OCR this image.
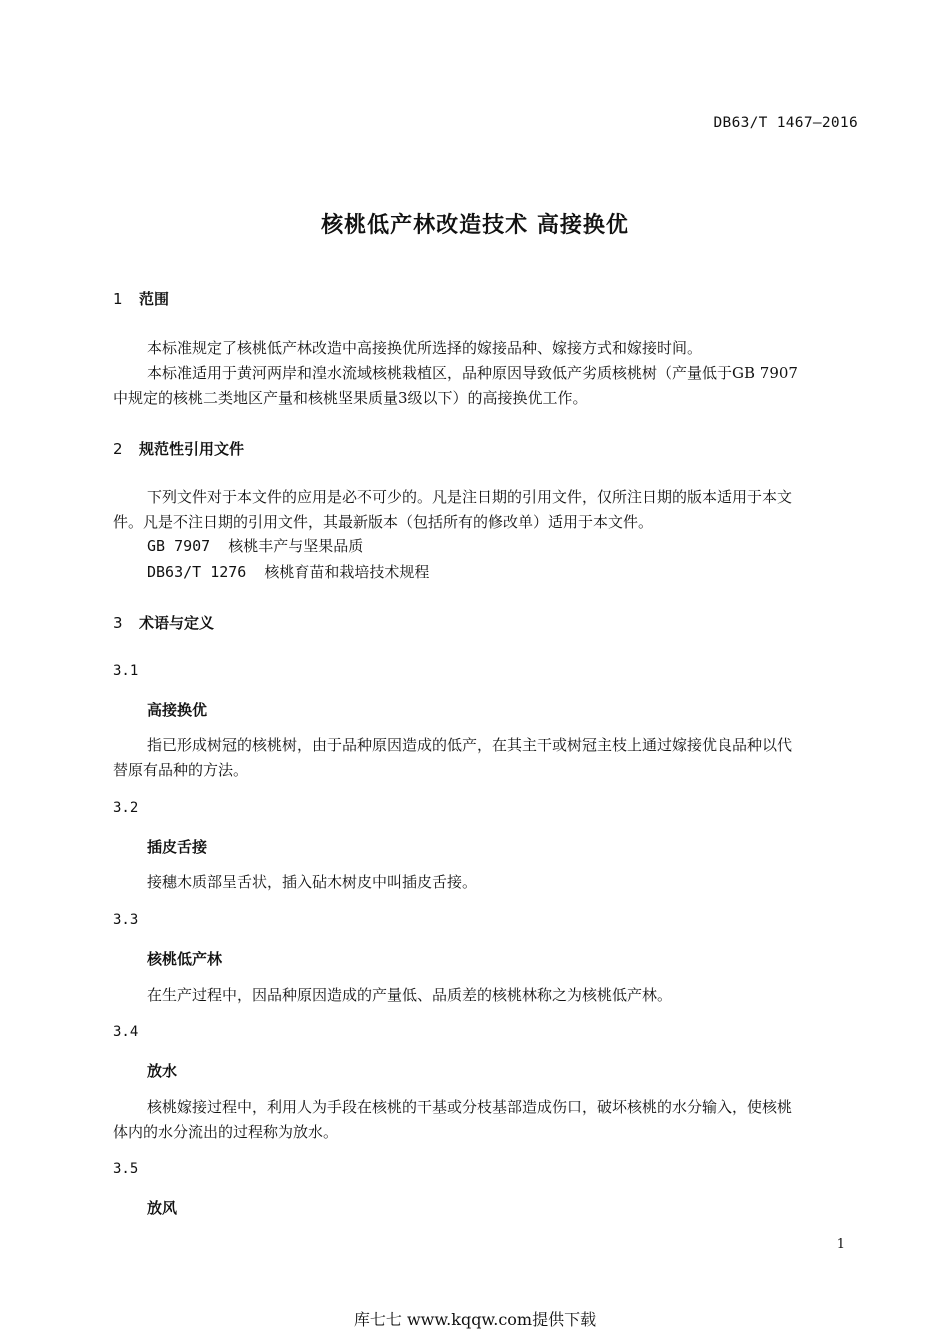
DB63/T 1467—2016
核桃低产林改造技术 高接换优
1 范围
本标准规定了核桃低产林改造中高接换优所选择的嫁接品种、嫁接方式和嫁接时间。
本标准适用于黄河两岸和湟水流域核桃栽植区，品种原因导致低产劣质核桃树（产量低于GB 7907
中规定的核桃二类地区产量和核桃坚果质量3级以下）的高接换优工作。
2 规范性引用文件
下列文件对于本文件的应用是必不可少的。凡是注日期的引用文件，仅所注日期的版本适用于本文
件。凡是不注日期的引用文件，其最新版本（包括所有的修改单）适用于本文件。
GB 7907 核桃丰产与坚果品质
DB63/T 1276 核桃育苗和栽培技术规程
3 术语与定义
3.1
高接换优
指已形成树冠的核桃树，由于品种原因造成的低产，在其主干或树冠主枝上通过嫁接优良品种以代
替原有品种的方法。
3.2
插皮舌接
接穗木质部呈舌状，插入砧木树皮中叫插皮舌接。
3.3
核桃低产林
在生产过程中，因品种原因造成的产量低、品质差的核桃林称之为核桃低产林。
3.4
放水
核桃嫁接过程中，利用人为手段在核桃的干基或分枝基部造成伤口，破坏核桃的水分输入，使核桃
体内的水分流出的过程称为放水。
3.5
放风
1
库七七 www.kqqw.com提供下载
